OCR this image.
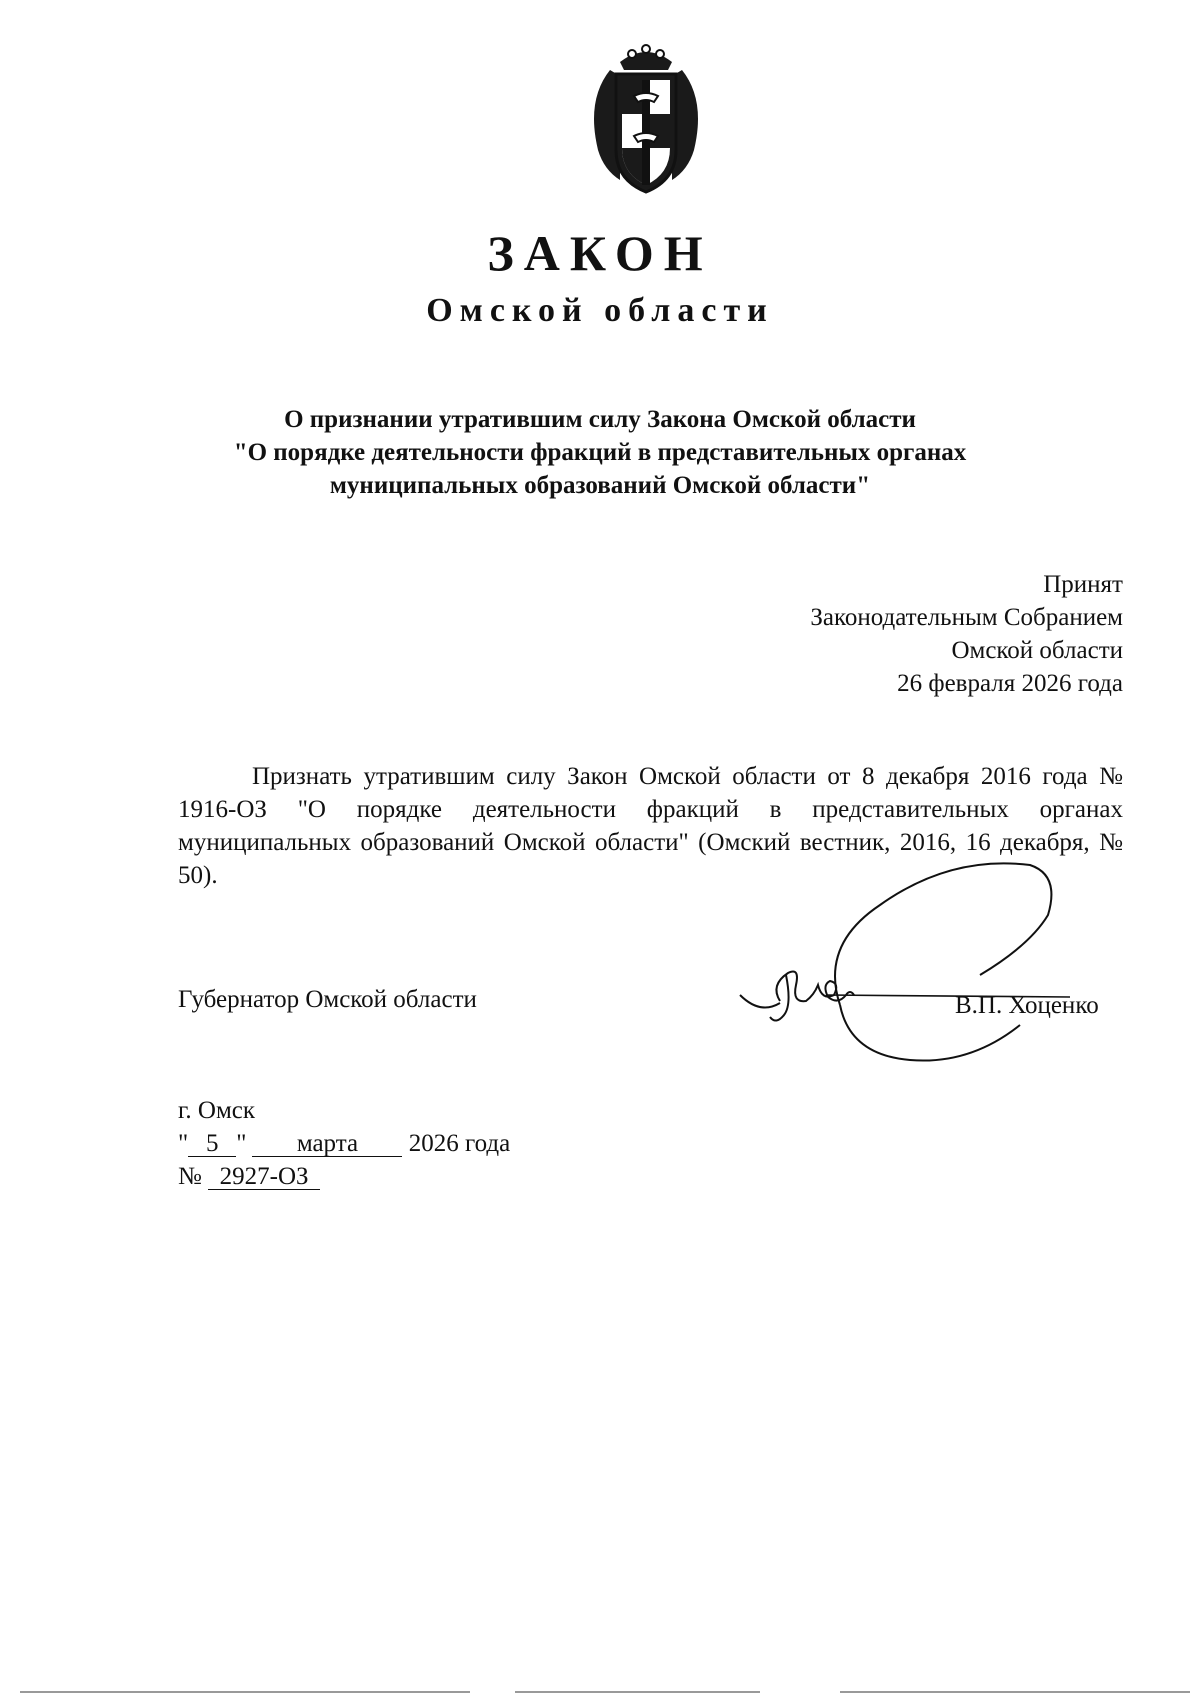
ЗАКОН
Омской области

О признании утратившим силу Закона Омской области
"О порядке деятельности фракций в представительных органах
муниципальных образований Омской области"

Принят
Законодательным Собранием
Омской области
26 февраля 2026 года

Признать утратившим силу Закон Омской области от 8 декабря 2016 года № 1916-ОЗ "О порядке деятельности фракций в представительных органах муниципальных образований Омской области" (Омский вестник, 2016, 16 декабря, № 50).

Губернатор Омской области	В.П. Хоценко
г. Омск
" 5 " марта 2026 года
№ 2927-ОЗ
